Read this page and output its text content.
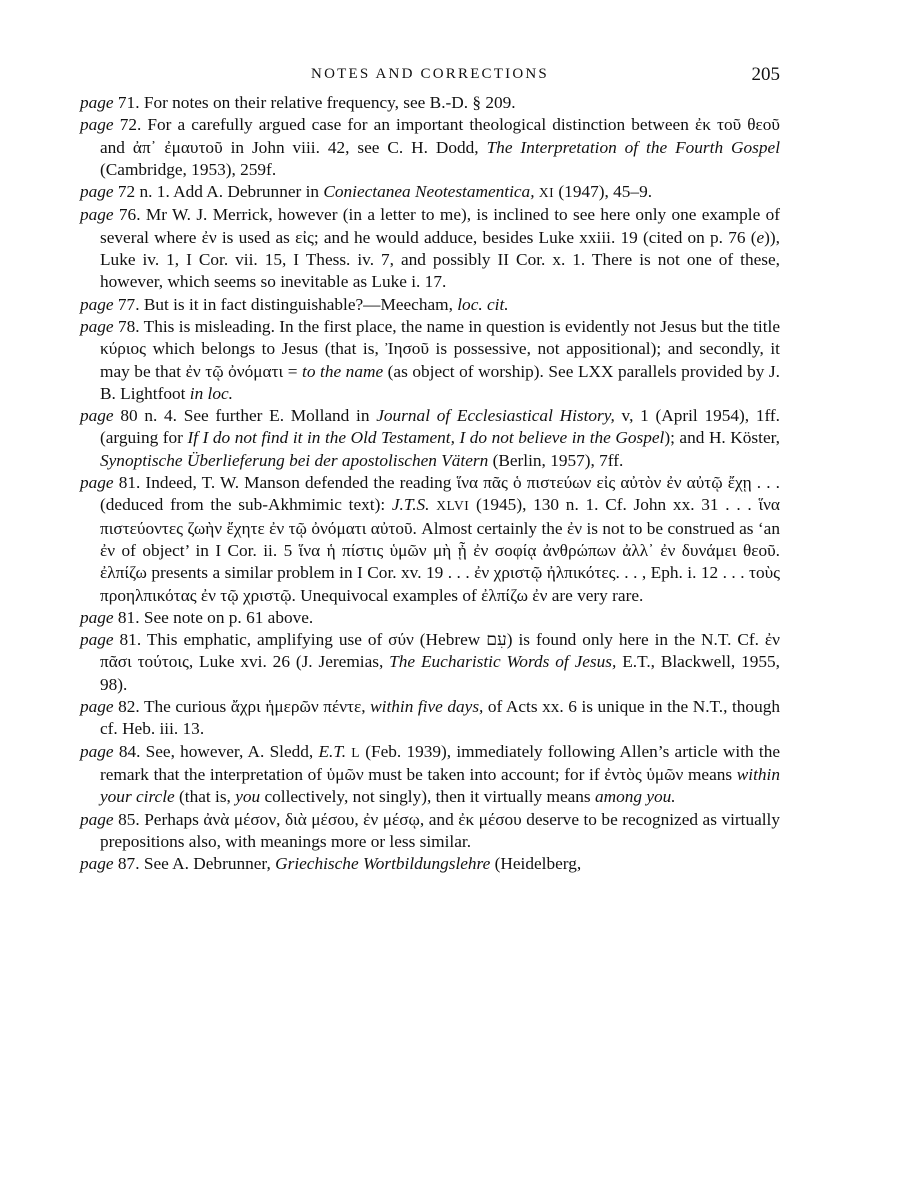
NOTES AND CORRECTIONS	205

page 71. For notes on their relative frequency, see B.-D. § 209.

page 72. For a carefully argued case for an important theological distinction between ἐκ τοῦ θεοῦ and ἀπ᾽ ἐμαυτοῦ in John viii. 42, see C. H. Dodd, The Interpretation of the Fourth Gospel (Cambridge, 1953), 259f.

page 72 n. 1. Add A. Debrunner in Coniectanea Neotestamentica, XI (1947), 45–9.

page 76. Mr W. J. Merrick, however (in a letter to me), is inclined to see here only one example of several where ἐν is used as εἰς; and he would adduce, besides Luke xxiii. 19 (cited on p. 76 (e)), Luke iv. 1, I Cor. vii. 15, I Thess. iv. 7, and possibly II Cor. x. 1. There is not one of these, however, which seems so inevitable as Luke i. 17.

page 77. But is it in fact distinguishable?—Meecham, loc. cit.

page 78. This is misleading. In the first place, the name in question is evidently not Jesus but the title κύριος which belongs to Jesus (that is, Ἰησοῦ is possessive, not appositional); and secondly, it may be that ἐν τῷ ὀνόματι = to the name (as object of worship). See LXX parallels provided by J. B. Lightfoot in loc.

page 80 n. 4. See further E. Molland in Journal of Ecclesiastical History, v, 1 (April 1954), 1ff. (arguing for If I do not find it in the Old Testament, I do not believe in the Gospel); and H. Köster, Synoptische Überlieferung bei der apostolischen Vätern (Berlin, 1957), 7ff.

page 81. Indeed, T. W. Manson defended the reading ἵνα πᾶς ὁ πιστεύων εἰς αὐτὸν ἐν αὐτῷ ἔχῃ . . . (deduced from the sub-Akhmimic text): J.T.S. XLVI (1945), 130 n. 1. Cf. John xx. 31 . . . ἵνα πιστεύοντες ζωὴν ἔχητε ἐν τῷ ὀνόματι αὐτοῦ. Almost certainly the ἐν is not to be construed as ‘an ἐν of object’ in I Cor. ii. 5 ἵνα ἡ πίστις ὑμῶν μὴ ᾖ ἐν σοφίᾳ ἀνθρώπων ἀλλ᾽ ἐν δυνάμει θεοῦ. ἐλπίζω presents a similar problem in I Cor. xv. 19 . . . ἐν χριστῷ ἠλπικότες. . . , Eph. i. 12 . . . τοὺς προηλπικότας ἐν τῷ χριστῷ. Unequivocal examples of ἐλπίζω ἐν are very rare.

page 81. See note on p. 61 above.

page 81. This emphatic, amplifying use of σύν (Hebrew עִם) is found only here in the N.T. Cf. ἐν πᾶσι τούτοις, Luke xvi. 26 (J. Jeremias, The Eucharistic Words of Jesus, E.T., Blackwell, 1955, 98).

page 82. The curious ἄχρι ἡμερῶν πέντε, within five days, of Acts xx. 6 is unique in the N.T., though cf. Heb. iii. 13.

page 84. See, however, A. Sledd, E.T. L (Feb. 1939), immediately following Allen’s article with the remark that the interpretation of ὑμῶν must be taken into account; for if ἐντὸς ὑμῶν means within your circle (that is, you collectively, not singly), then it virtually means among you.

page 85. Perhaps ἀνὰ μέσον, διὰ μέσου, ἐν μέσῳ, and ἐκ μέσου deserve to be recognized as virtually prepositions also, with meanings more or less similar.

page 87. See A. Debrunner, Griechische Wortbildungslehre (Heidelberg,
